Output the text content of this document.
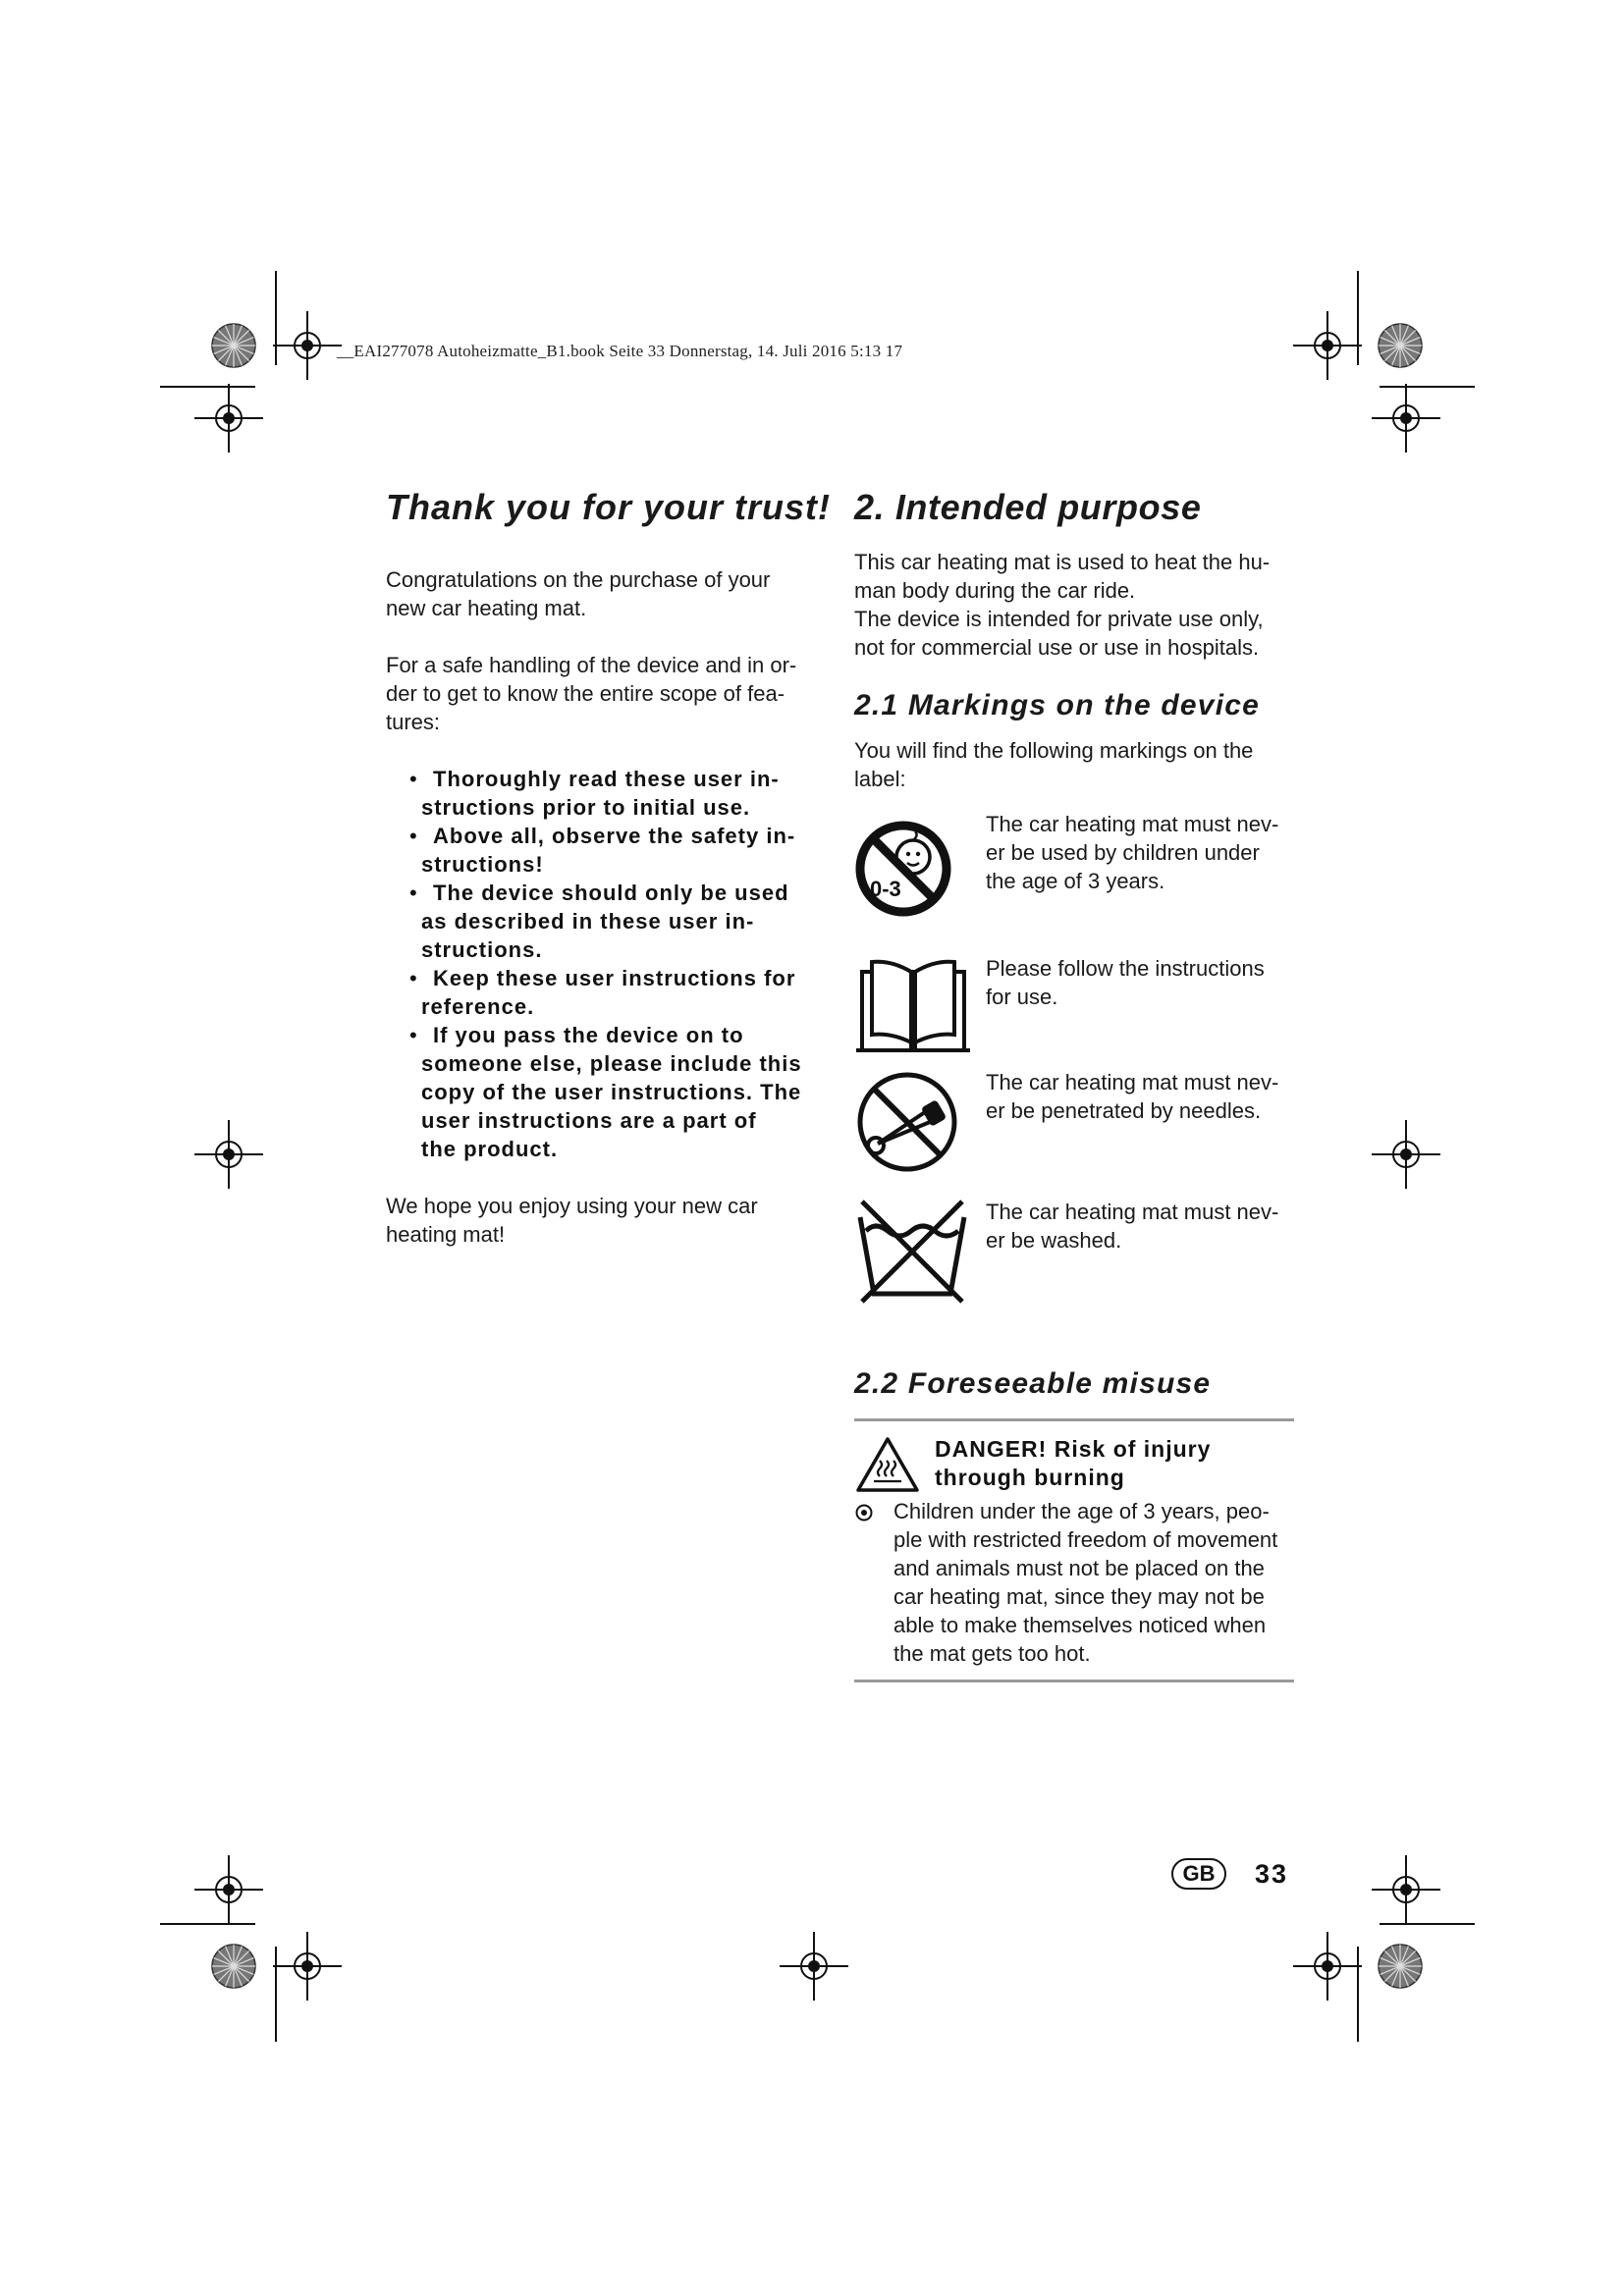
__EAI277078 Autoheizmatte_B1.book Seite 33 Donnerstag, 14. Juli 2016 5:13 17
Thank you for your trust!

Congratulations on the purchase of your
new car heating mat.

For a safe handling of the device and in or-
der to get to know the entire scope of fea-
tures:

• Thoroughly read these user in-
structions prior to initial use.
• Above all, observe the safety in-
structions!
• The device should only be used
as described in these user in-
structions.
• Keep these user instructions for
reference.
• If you pass the device on to
someone else, please include this
copy of the user instructions. The
user instructions are a part of
the product.

We hope you enjoy using your new car
heating mat!

2. Intended purpose

This car heating mat is used to heat the hu-
man body during the car ride.
The device is intended for private use only,
not for commercial use or use in hospitals.

2.1 Markings on the device

You will find the following markings on the
label:

0-3

The car heating mat must nev-
er be used by children under
the age of 3 years.

Please follow the instructions
for use.

The car heating mat must nev-
er be penetrated by needles.

The car heating mat must nev-
er be washed.

2.2 Foreseeable misuse
DANGER! Risk of injury
through burning

Children under the age of 3 years, peo-
ple with restricted freedom of movement
and animals must not be placed on the
car heating mat, since they may not be
able to make themselves noticed when
the mat gets too hot.

GB	33
